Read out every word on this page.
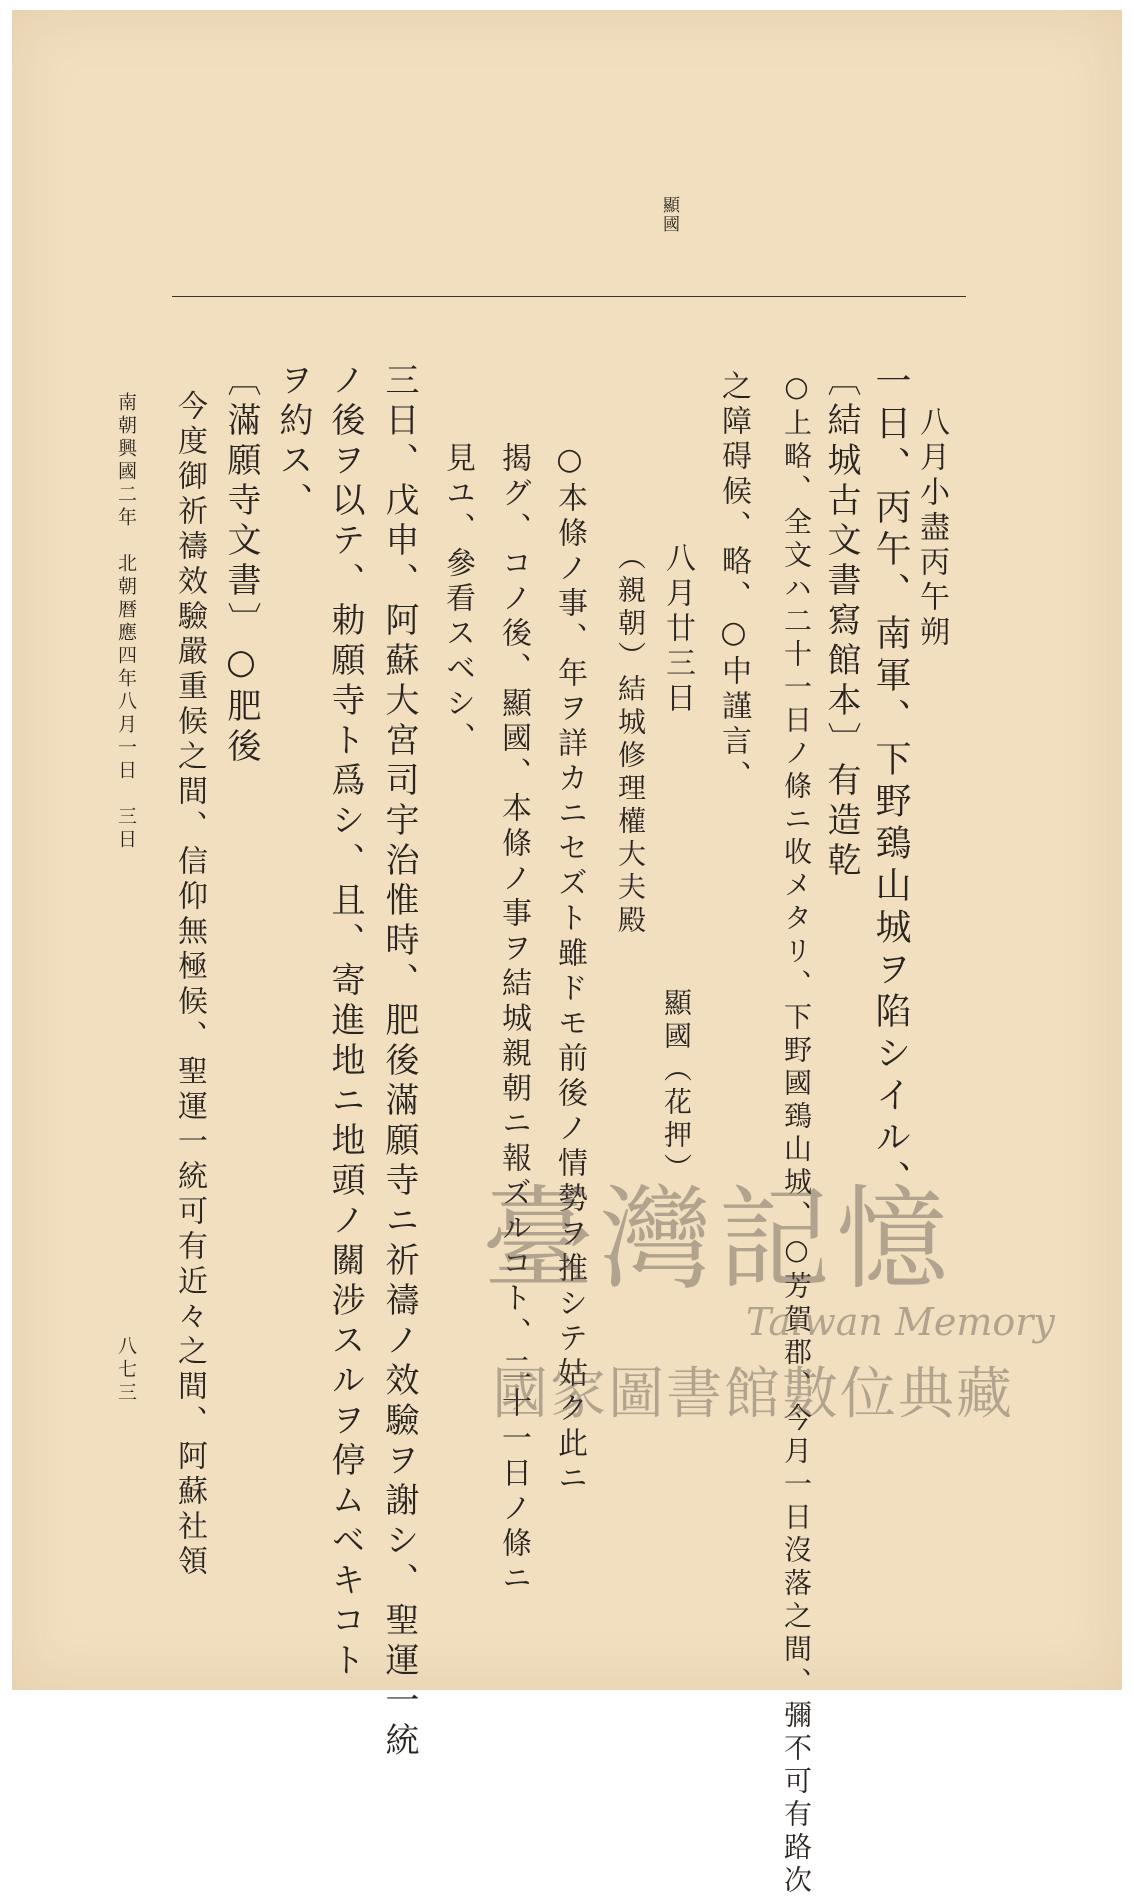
顯國
八月小盡丙午朔
一日、丙午、南軍、下野鵄山城ヲ陷シイル、
〔結城古文書寫館本〕有造乾
○上略、全文ハ二十一日ノ條ニ收メタリ、下野國鵄山城、○芳賀郡、今月一日沒落之間、彌不可有路次
之障碍候、略、○中謹言、
八月廿三日
顯國（花押）
（親朝）結城修理權大夫殿
○本條ノ事、年ヲ詳カニセズト雖ドモ前後ノ情勢ヲ推シテ姑ク此ニ
揭グ、コノ後、顯國、本條ノ事ヲ結城親朝ニ報ズルコト、二十一日ノ條ニ
見ユ、參看スベシ、
三日、戊申、阿蘇大宮司宇治惟時、肥後滿願寺ニ祈禱ノ效驗ヲ謝シ、聖運一統
ノ後ヲ以テ、勅願寺ト爲シ、且、寄進地ニ地頭ノ關涉スルヲ停ムベキコト
ヲ約ス、
〔滿願寺文書〕○肥後
今度御祈禱效驗嚴重候之間、信仰無極候、聖運一統可有近々之間、阿蘇社領
南朝興國二年　北朝暦應四年八月一日　三日
八七三
臺灣記憶
Taiwan Memory
國家圖書館數位典藏
